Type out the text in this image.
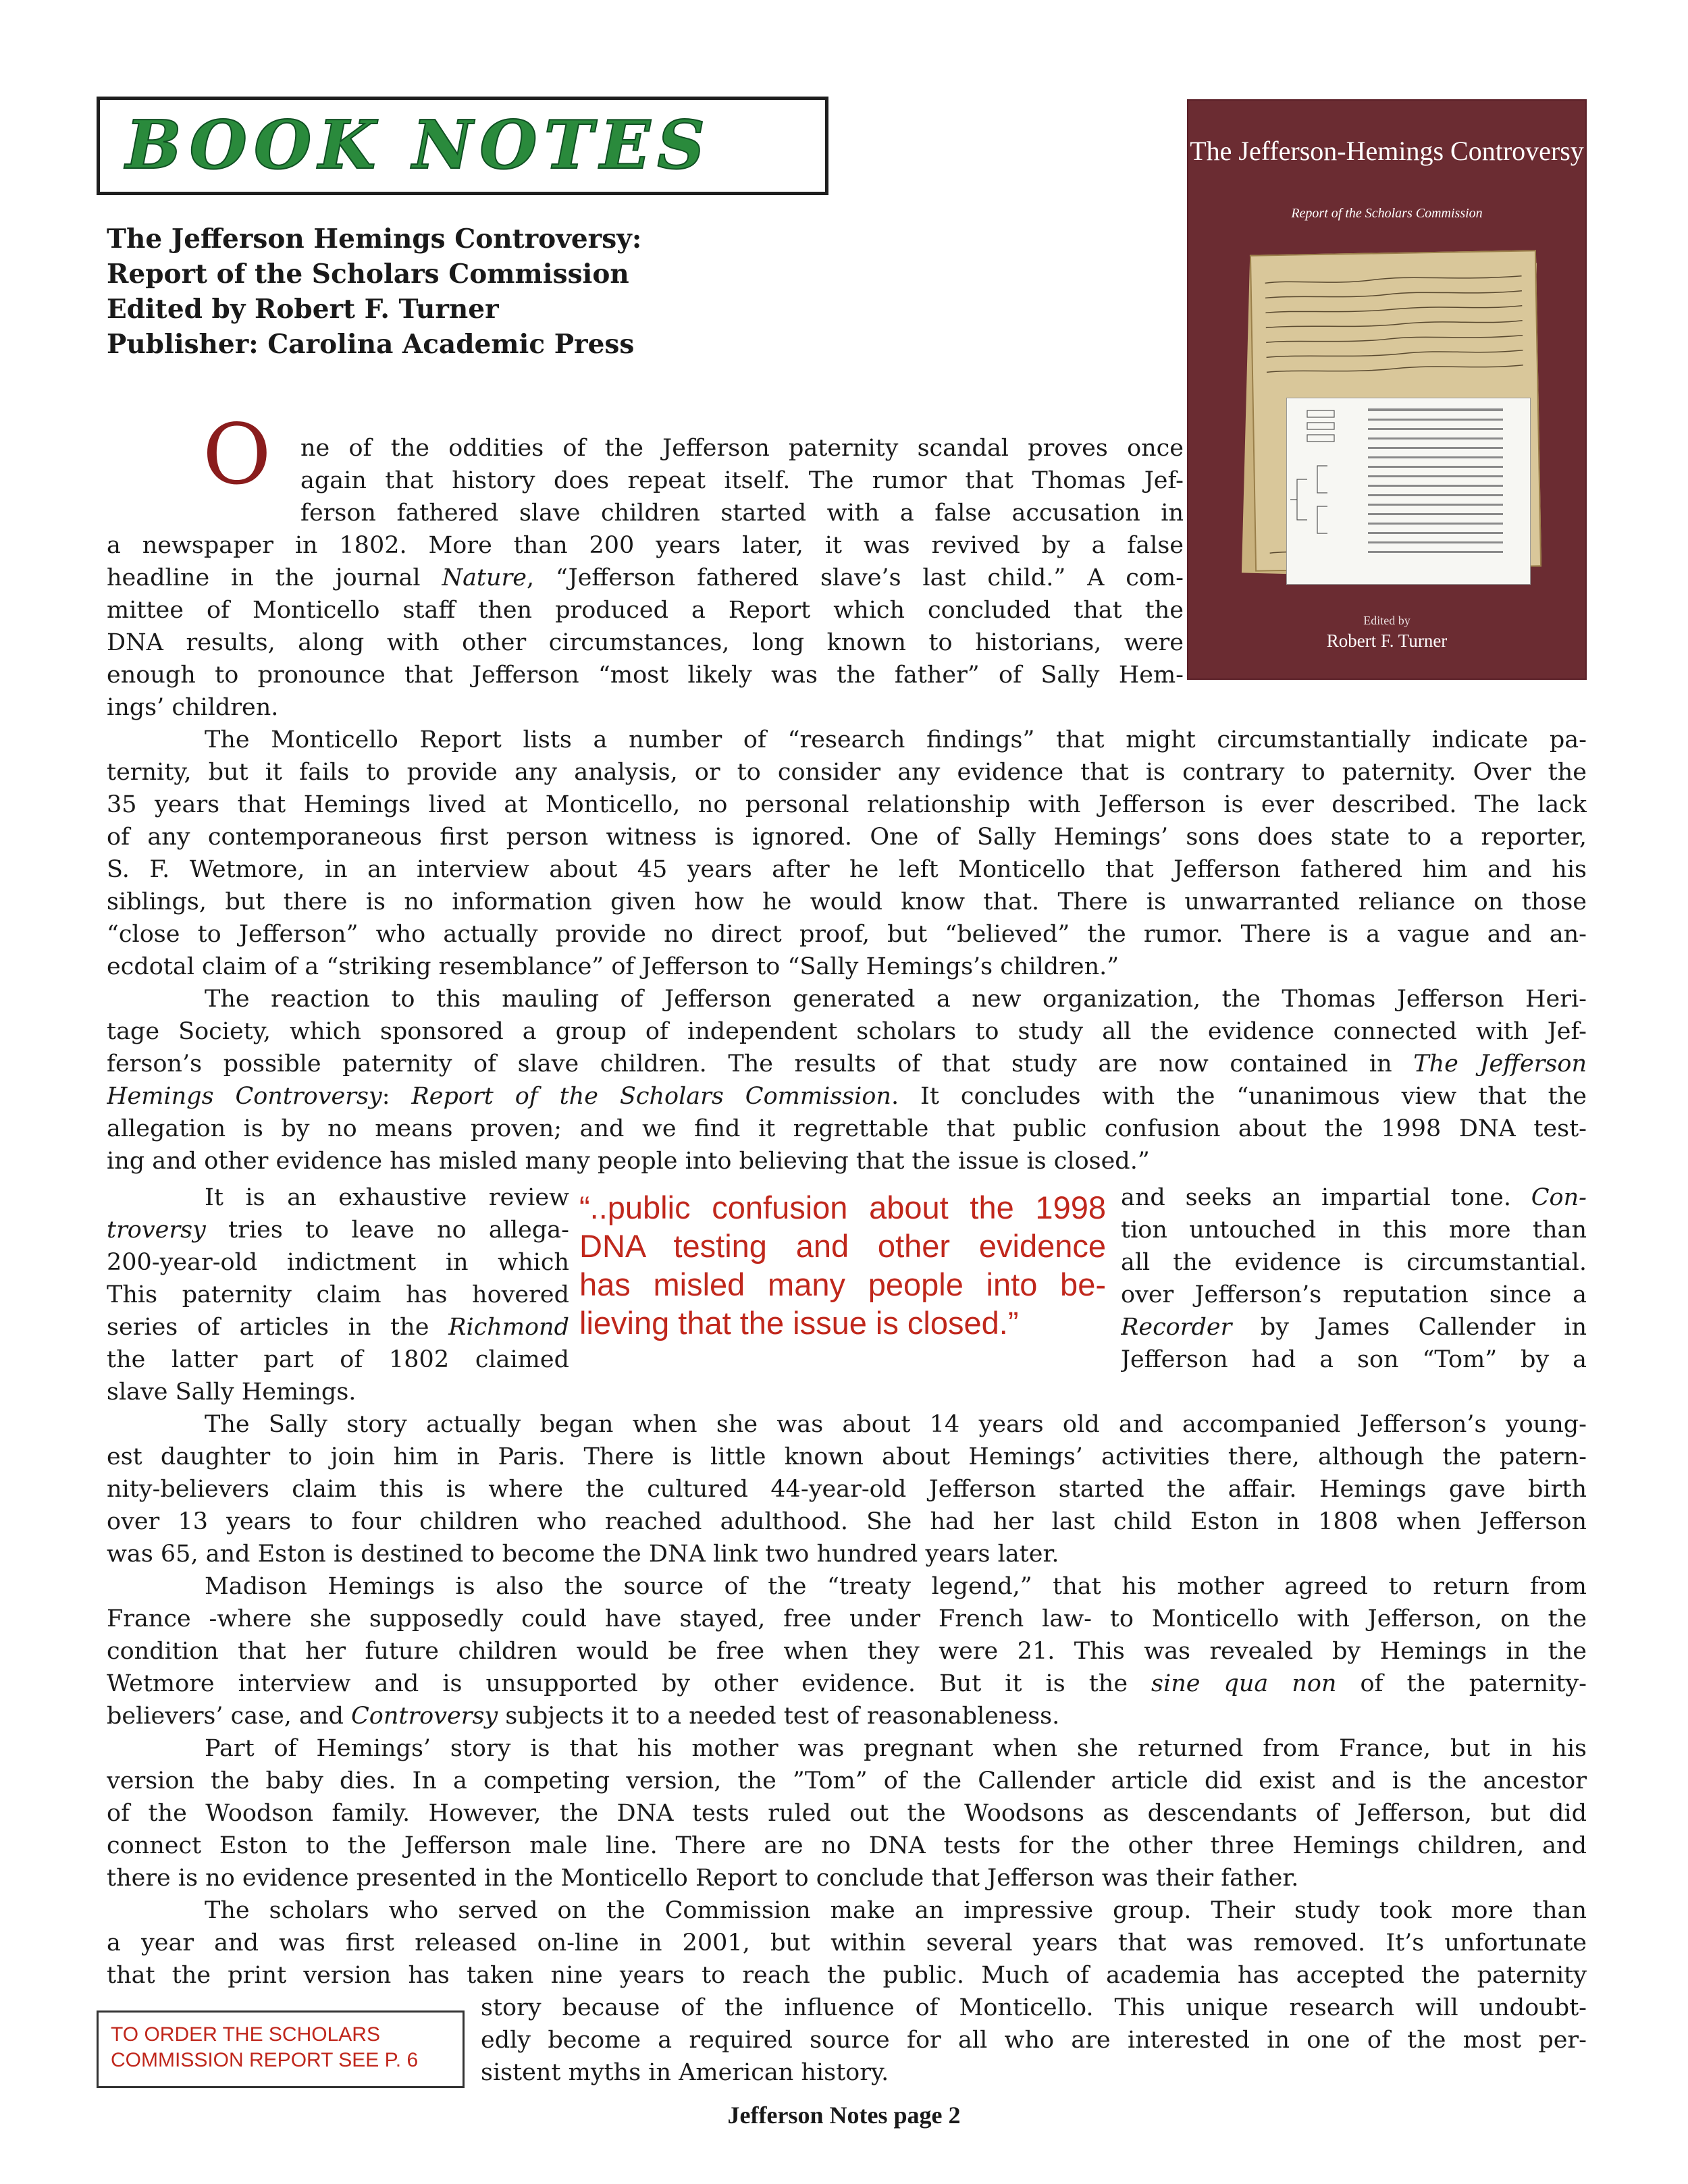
BOOK NOTES
The Jefferson Hemings Controversy:
Report of the Scholars Commission
Edited by Robert F. Turner
Publisher: Carolina Academic Press
The Jefferson-Hemings Controversy
Report of the Scholars Commission
Edited by
Robert F. Turner
O ne of the oddities of the Jefferson paternity scandal proves once
again that history does repeat itself. The rumor that Thomas Jef-
ferson fathered slave children started with a false accusation in
a newspaper in 1802. More than 200 years later, it was revived by a false
headline in the journal Nature, “Jefferson fathered slave’s last child.” A com-
mittee of Monticello staff then produced a Report which concluded that the
DNA results, along with other circumstances, long known to historians, were
enough to pronounce that Jefferson “most likely was the father” of Sally Hem-
ings’ children.
The Monticello Report lists a number of “research findings” that might circumstantially indicate pa-
ternity, but it fails to provide any analysis, or to consider any evidence that is contrary to paternity. Over the
35 years that Hemings lived at Monticello, no personal relationship with Jefferson is ever described. The lack
of any contemporaneous first person witness is ignored. One of Sally Hemings’ sons does state to a reporter,
S. F. Wetmore, in an interview about 45 years after he left Monticello that Jefferson fathered him and his
siblings, but there is no information given how he would know that. There is unwarranted reliance on those
“close to Jefferson” who actually provide no direct proof, but “believed” the rumor. There is a vague and an-
ecdotal claim of a “striking resemblance” of Jefferson to “Sally Hemings’s children.”
The reaction to this mauling of Jefferson generated a new organization, the Thomas Jefferson Heri-
tage Society, which sponsored a group of independent scholars to study all the evidence connected with Jef-
ferson’s possible paternity of slave children. The results of that study are now contained in The Jefferson
Hemings Controversy: Report of the Scholars Commission. It concludes with the “unanimous view that the
allegation is by no means proven; and we find it regrettable that public confusion about the 1998 DNA test-
ing and other evidence has misled many people into believing that the issue is closed.”
It is an exhaustive review
troversy tries to leave no allega-
200-year-old indictment in which
This paternity claim has hovered
series of articles in the Richmond
the latter part of 1802 claimed
slave Sally Hemings.
and seeks an impartial tone. Con-
tion untouched in this more than
all the evidence is circumstantial.
over Jefferson’s reputation since a
Recorder by James Callender in
Jefferson had a son “Tom” by a
“..public confusion about the 1998
DNA testing and other evidence
has misled many people into be-
lieving that the issue is closed.”
The Sally story actually began when she was about 14 years old and accompanied Jefferson’s young-
est daughter to join him in Paris. There is little known about Hemings’ activities there, although the patern-
nity-believers claim this is where the cultured 44-year-old Jefferson started the affair. Hemings gave birth
over 13 years to four children who reached adulthood. She had her last child Eston in 1808 when Jefferson
was 65, and Eston is destined to become the DNA link two hundred years later.
Madison Hemings is also the source of the “treaty legend,” that his mother agreed to return from
France -where she supposedly could have stayed, free under French law- to Monticello with Jefferson, on the
condition that her future children would be free when they were 21. This was revealed by Hemings in the
Wetmore interview and is unsupported by other evidence. But it is the sine qua non of the paternity-
believers’ case, and Controversy subjects it to a needed test of reasonableness.
Part of Hemings’ story is that his mother was pregnant when she returned from France, but in his
version the baby dies. In a competing version, the ”Tom” of the Callender article did exist and is the ancestor
of the Woodson family. However, the DNA tests ruled out the Woodsons as descendants of Jefferson, but did
connect Eston to the Jefferson male line. There are no DNA tests for the other three Hemings children, and
there is no evidence presented in the Monticello Report to conclude that Jefferson was their father.
The scholars who served on the Commission make an impressive group. Their study took more than
a year and was first released on-line in 2001, but within several years that was removed. It’s unfortunate
that the print version has taken nine years to reach the public. Much of academia has accepted the paternity
story because of the influence of Monticello. This unique research will undoubt-
edly become a required source for all who are interested in one of the most per-
sistent myths in American history.
TO ORDER THE SCHOLARS
COMMISSION REPORT SEE P. 6
Jefferson Notes page 2
